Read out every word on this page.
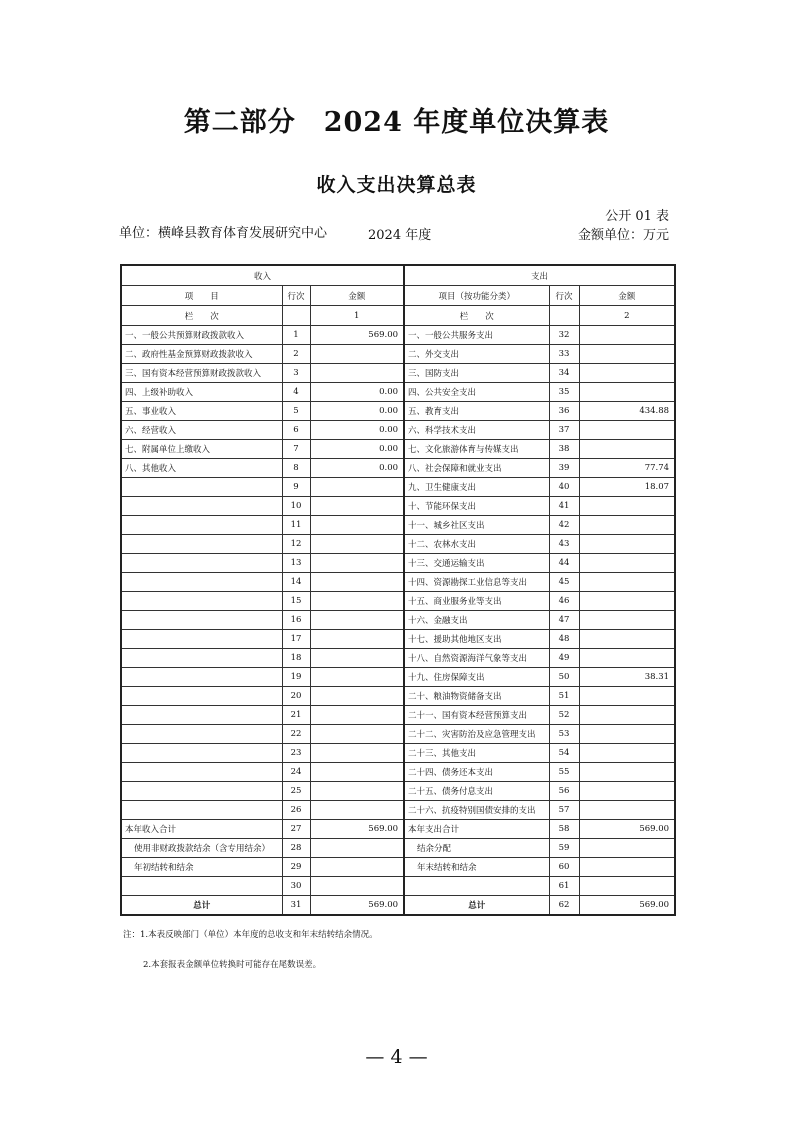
第二部分　2024 年度单位决算表
收入支出决算总表
公开 01 表
单位：横峰县教育体育发展研究中心	2024 年度	金额单位：万元
收入			支出		
项　　目	行次	金额	项目（按功能分类）	行次	金额
栏　　次		1	栏　　次		2
一、一般公共预算财政拨款收入	1	569.00	一、一般公共服务支出	32	
二、政府性基金预算财政拨款收入	2		二、外交支出	33	
三、国有资本经营预算财政拨款收入	3		三、国防支出	34	
四、上级补助收入	4	0.00	四、公共安全支出	35	
五、事业收入	5	0.00	五、教育支出	36	434.88
六、经营收入	6	0.00	六、科学技术支出	37	
七、附属单位上缴收入	7	0.00	七、文化旅游体育与传媒支出	38	
八、其他收入	8	0.00	八、社会保障和就业支出	39	77.74
	9		九、卫生健康支出	40	18.07
	10		十、节能环保支出	41	
	11		十一、城乡社区支出	42	
	12		十二、农林水支出	43	
	13		十三、交通运输支出	44	
	14		十四、资源勘探工业信息等支出	45	
	15		十五、商业服务业等支出	46	
	16		十六、金融支出	47	
	17		十七、援助其他地区支出	48	
	18		十八、自然资源海洋气象等支出	49	
	19		十九、住房保障支出	50	38.31
	20		二十、粮油物资储备支出	51	
	21		二十一、国有资本经营预算支出	52	
	22		二十二、灾害防治及应急管理支出	53	
	23		二十三、其他支出	54	
	24		二十四、债务还本支出	55	
	25		二十五、债务付息支出	56	
	26		二十六、抗疫特别国债安排的支出	57	
本年收入合计	27	569.00	本年支出合计	58	569.00
使用非财政拨款结余（含专用结余）	28		结余分配	59	
年初结转和结余	29		年末结转和结余	60	
	30			61	
总计	31	569.00	总计	62	569.00
注：1.本表反映部门（单位）本年度的总收支和年末结转结余情况。
2.本套报表金额单位转换时可能存在尾数误差。
— 4 —
